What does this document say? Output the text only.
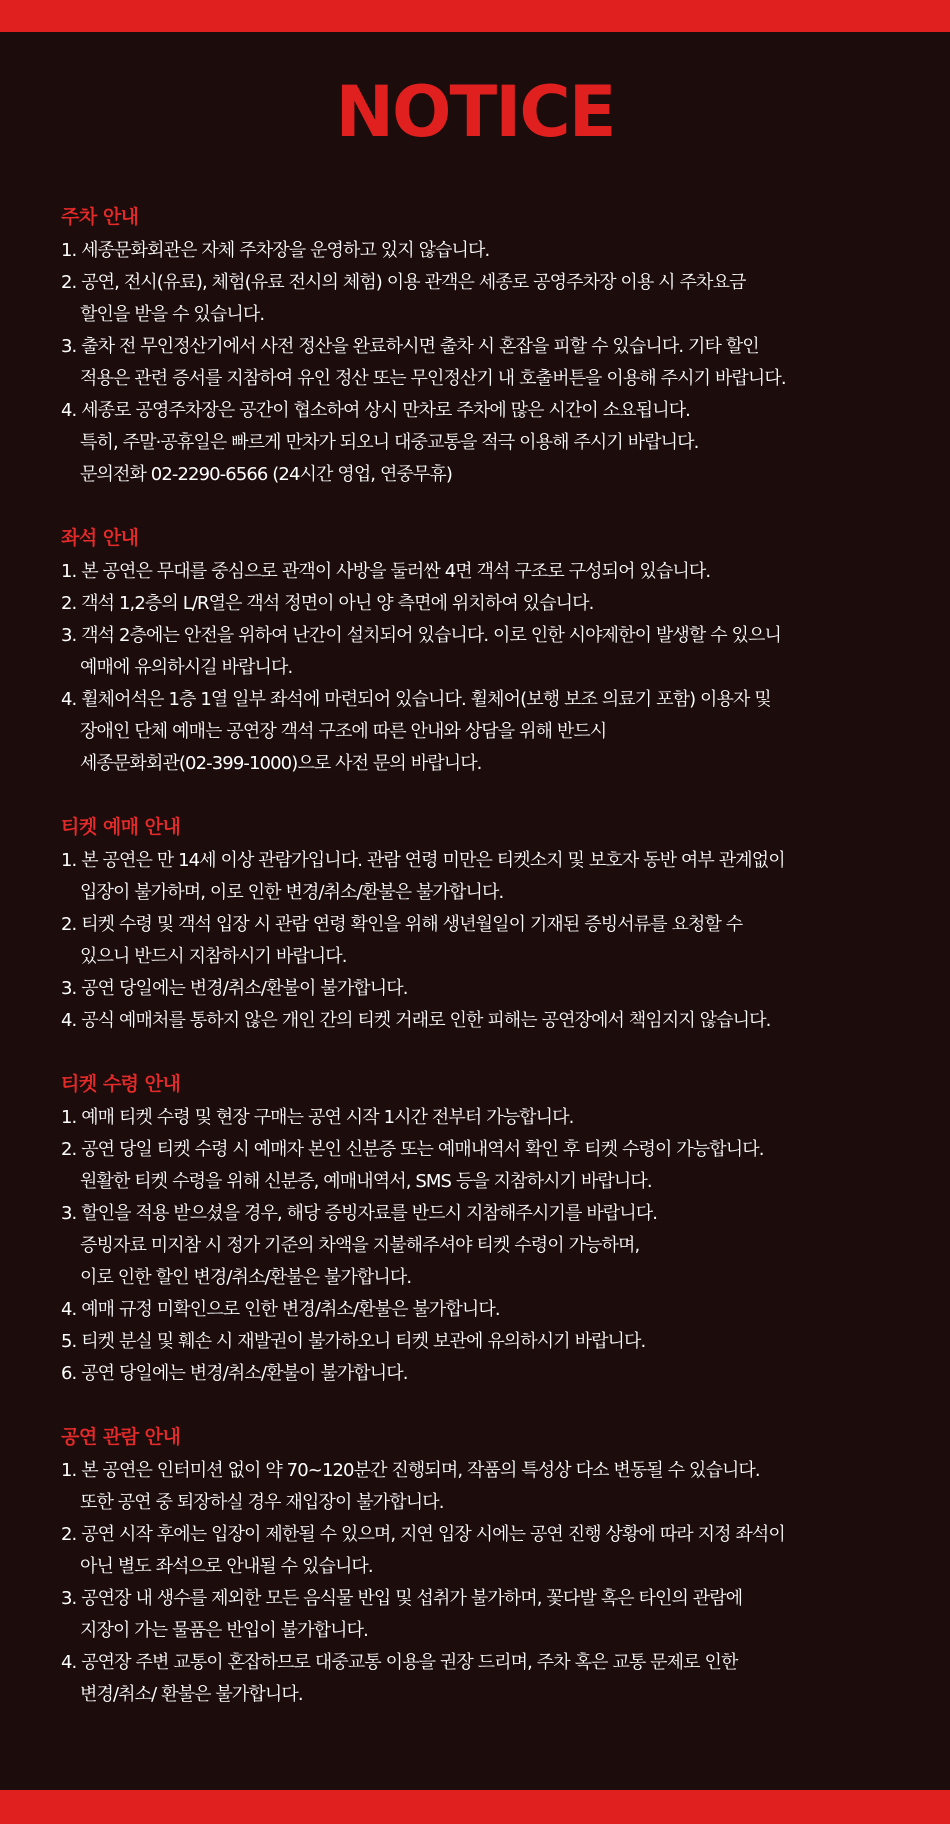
NOTICE
주차 안내
1. 세종문화회관은 자체 주차장을 운영하고 있지 않습니다.
2. 공연, 전시(유료), 체험(유료 전시의 체험) 이용 관객은 세종로 공영주차장 이용 시 주차요금
할인을 받을 수 있습니다.
3. 출차 전 무인정산기에서 사전 정산을 완료하시면 출차 시 혼잡을 피할 수 있습니다. 기타 할인
적용은 관련 증서를 지참하여 유인 정산 또는 무인정산기 내 호출버튼을 이용해 주시기 바랍니다.
4. 세종로 공영주차장은 공간이 협소하여 상시 만차로 주차에 많은 시간이 소요됩니다.
특히, 주말·공휴일은 빠르게 만차가 되오니 대중교통을 적극 이용해 주시기 바랍니다.
문의전화 02-2290-6566 (24시간 영업, 연중무휴)
좌석 안내
1. 본 공연은 무대를 중심으로 관객이 사방을 둘러싼 4면 객석 구조로 구성되어 있습니다.
2. 객석 1,2층의 L/R열은 객석 정면이 아닌 양 측면에 위치하여 있습니다.
3. 객석 2층에는 안전을 위하여 난간이 설치되어 있습니다. 이로 인한 시야제한이 발생할 수 있으니
예매에 유의하시길 바랍니다.
4. 휠체어석은 1층 1열 일부 좌석에 마련되어 있습니다. 휠체어(보행 보조 의료기 포함) 이용자 및
장애인 단체 예매는 공연장 객석 구조에 따른 안내와 상담을 위해 반드시
세종문화회관(02-399-1000)으로 사전 문의 바랍니다.
티켓 예매 안내
1. 본 공연은 만 14세 이상 관람가입니다. 관람 연령 미만은 티켓소지 및 보호자 동반 여부 관계없이
입장이 불가하며, 이로 인한 변경/취소/환불은 불가합니다.
2. 티켓 수령 및 객석 입장 시 관람 연령 확인을 위해 생년월일이 기재된 증빙서류를 요청할 수
있으니 반드시 지참하시기 바랍니다.
3. 공연 당일에는 변경/취소/환불이 불가합니다.
4. 공식 예매처를 통하지 않은 개인 간의 티켓 거래로 인한 피해는 공연장에서 책임지지 않습니다.
티켓 수령 안내
1. 예매 티켓 수령 및 현장 구매는 공연 시작 1시간 전부터 가능합니다.
2. 공연 당일 티켓 수령 시 예매자 본인 신분증 또는 예매내역서 확인 후 티켓 수령이 가능합니다.
원활한 티켓 수령을 위해 신분증, 예매내역서, SMS 등을 지참하시기 바랍니다.
3. 할인을 적용 받으셨을 경우, 해당 증빙자료를 반드시 지참해주시기를 바랍니다.
증빙자료 미지참 시 정가 기준의 차액을 지불해주셔야 티켓 수령이 가능하며,
이로 인한 할인 변경/취소/환불은 불가합니다.
4. 예매 규정 미확인으로 인한 변경/취소/환불은 불가합니다.
5. 티켓 분실 및 훼손 시 재발권이 불가하오니 티켓 보관에 유의하시기 바랍니다.
6. 공연 당일에는 변경/취소/환불이 불가합니다.
공연 관람 안내
1. 본 공연은 인터미션 없이 약 70~120분간 진행되며, 작품의 특성상 다소 변동될 수 있습니다.
또한 공연 중 퇴장하실 경우 재입장이 불가합니다.
2. 공연 시작 후에는 입장이 제한될 수 있으며, 지연 입장 시에는 공연 진행 상황에 따라 지정 좌석이
아닌 별도 좌석으로 안내될 수 있습니다.
3. 공연장 내 생수를 제외한 모든 음식물 반입 및 섭취가 불가하며, 꽃다발 혹은 타인의 관람에
지장이 가는 물품은 반입이 불가합니다.
4. 공연장 주변 교통이 혼잡하므로 대중교통 이용을 권장 드리며, 주차 혹은 교통 문제로 인한
변경/취소/ 환불은 불가합니다.
